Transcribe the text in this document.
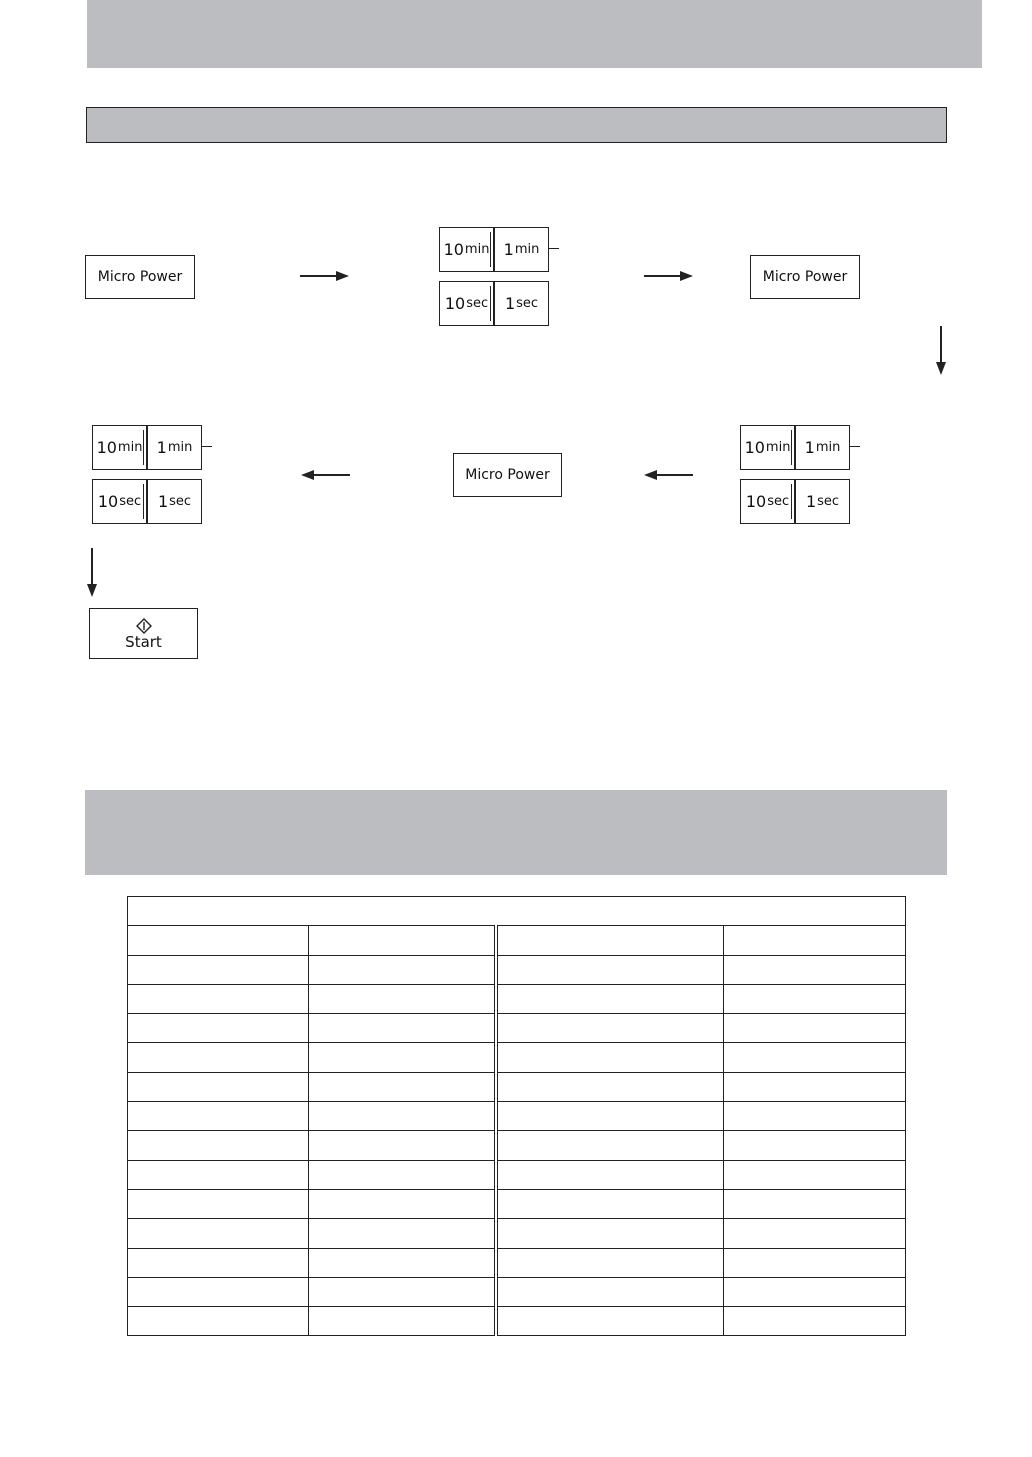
Micro Power
10 min 1 min
10 sec 1 sec
Micro Power
10 min 1 min
10 sec 1 sec
Micro Power
10 min 1 min
10 sec 1 sec
Start
